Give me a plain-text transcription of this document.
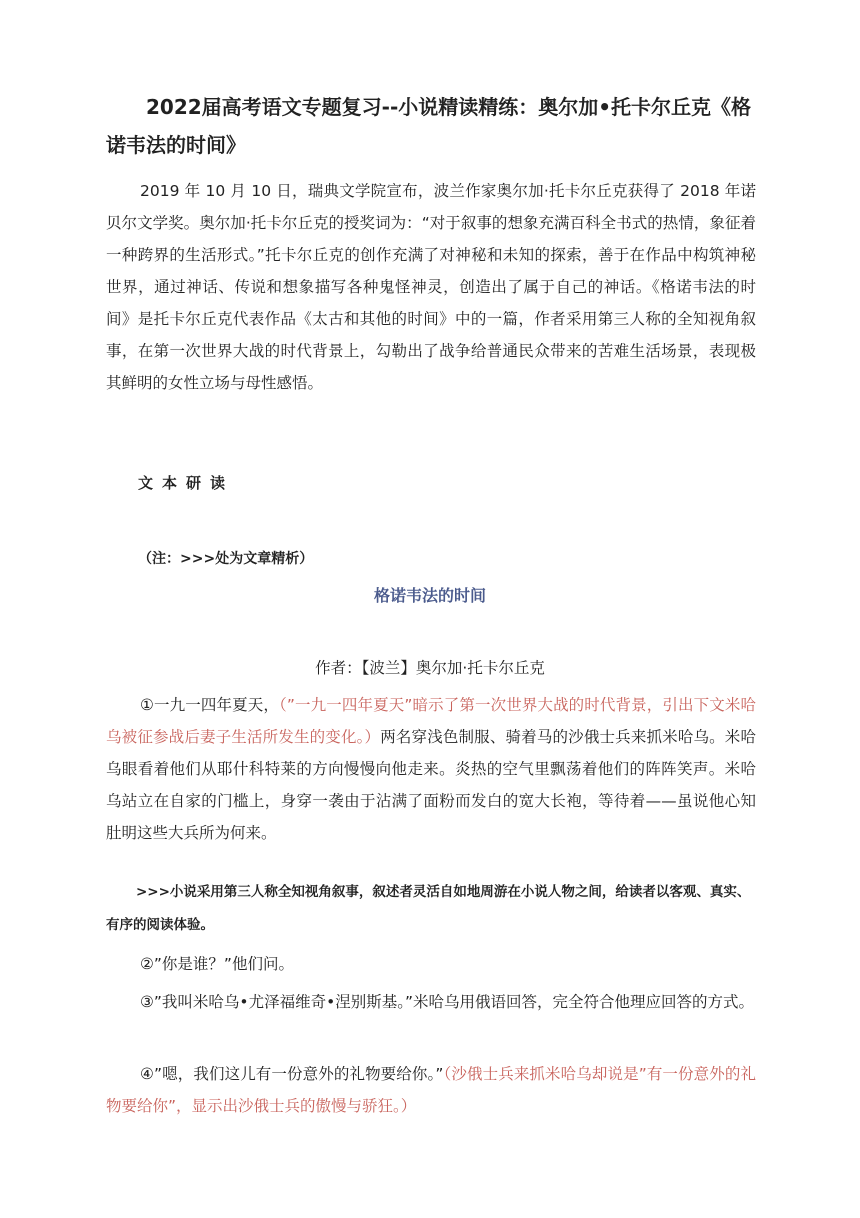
2022届高考语文专题复习--小说精读精练：奥尔加•托卡尔丘克《格诺韦法的时间》
2019 年 10 月 10 日，瑞典文学院宣布，波兰作家奥尔加·托卡尔丘克获得了 2018 年诺贝尔文学奖。奥尔加·托卡尔丘克的授奖词为：“对于叙事的想象充满百科全书式的热情，象征着一种跨界的生活形式。”托卡尔丘克的创作充满了对神秘和未知的探索，善于在作品中构筑神秘世界，通过神话、传说和想象描写各种鬼怪神灵，创造出了属于自己的神话。《格诺韦法的时间》是托卡尔丘克代表作品《太古和其他的时间》中的一篇，作者采用第三人称的全知视角叙事，在第一次世界大战的时代背景上，勾勒出了战争给普通民众带来的苦难生活场景，表现极其鲜明的女性立场与母性感悟。
文本研读
（注：>>>处为文章精析）
格诺韦法的时间
作者：【波兰】奥尔加·托卡尔丘克
①一九一四年夏天，（”一九一四年夏天”暗示了第一次世界大战的时代背景，引出下文米哈乌被征参战后妻子生活所发生的变化。）两名穿浅色制服、骑着马的沙俄士兵来抓米哈乌。米哈乌眼看着他们从耶什科特莱的方向慢慢向他走来。炎热的空气里飘荡着他们的阵阵笑声。米哈乌站立在自家的门槛上，身穿一袭由于沾满了面粉而发白的宽大长袍，等待着——虽说他心知肚明这些大兵所为何来。
>>>小说采用第三人称全知视角叙事，叙述者灵活自如地周游在小说人物之间，给读者以客观、真实、有序的阅读体验。
②”你是谁？”他们问。
③”我叫米哈乌•尤泽福维奇•涅别斯基。”米哈乌用俄语回答，完全符合他理应回答的方式。
④”嗯，我们这儿有一份意外的礼物要给你。”（沙俄士兵来抓米哈乌却说是”有一份意外的礼物要给你”，显示出沙俄士兵的傲慢与骄狂。）
